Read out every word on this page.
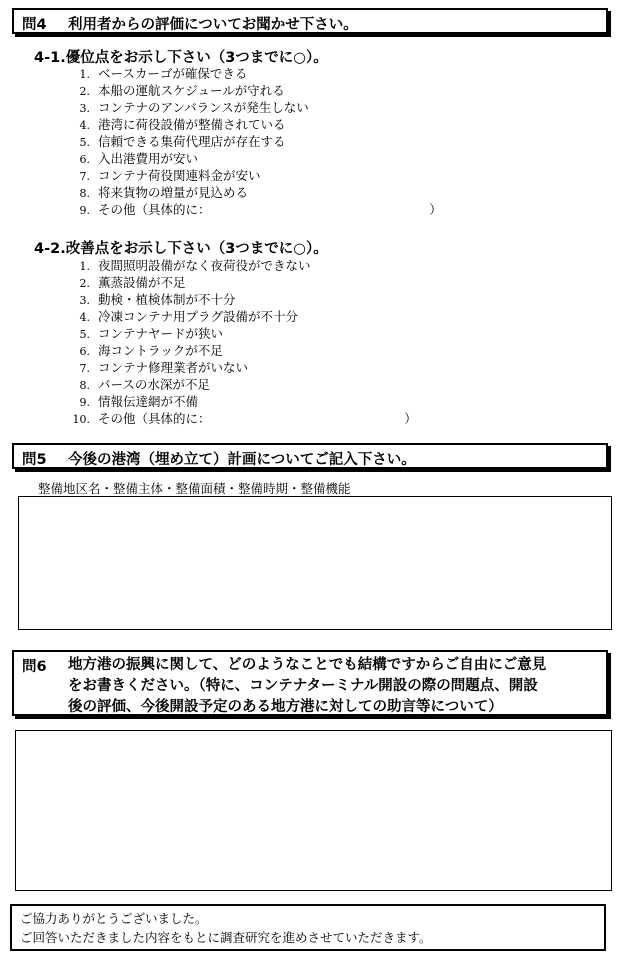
問4 利用者からの評価についてお聞かせ下さい。
4-1.優位点をお示し下さい（3つまでに○）。
1. ベースカーゴが確保できる
2. 本船の運航スケジュールが守れる
3. コンテナのアンバランスが発生しない
4. 港湾に荷役設備が整備されている
5. 信頼できる集荷代理店が存在する
6. 入出港費用が安い
7. コンテナ荷役関連料金が安い
8. 将来貨物の増量が見込める
9. その他（具体的に：　　　　　　　　　　　　　　　　　　）
4-2.改善点をお示し下さい（3つまでに○）。
1. 夜間照明設備がなく夜荷役ができない
2. 薫蒸設備が不足
3. 動検・植検体制が不十分
4. 冷凍コンテナ用プラグ設備が不十分
5. コンテナヤードが狭い
6. 海コントラックが不足
7. コンテナ修理業者がいない
8. バースの水深が不足
9. 情報伝達網が不備
10. その他（具体的に：　　　　　　　　　　　　　　　　）
問5 今後の港湾（埋め立て）計画についてご記入下さい。
整備地区名・整備主体・整備面積・整備時期・整備機能
問6	地方港の振興に関して、どのようなことでも結構ですからご自由にご意見
をお書きください。（特に、コンテナターミナル開設の際の問題点、開設
後の評価、今後開設予定のある地方港に対しての助言等について）
ご協力ありがとうございました。
ご回答いただきました内容をもとに調査研究を進めさせていただきます。
